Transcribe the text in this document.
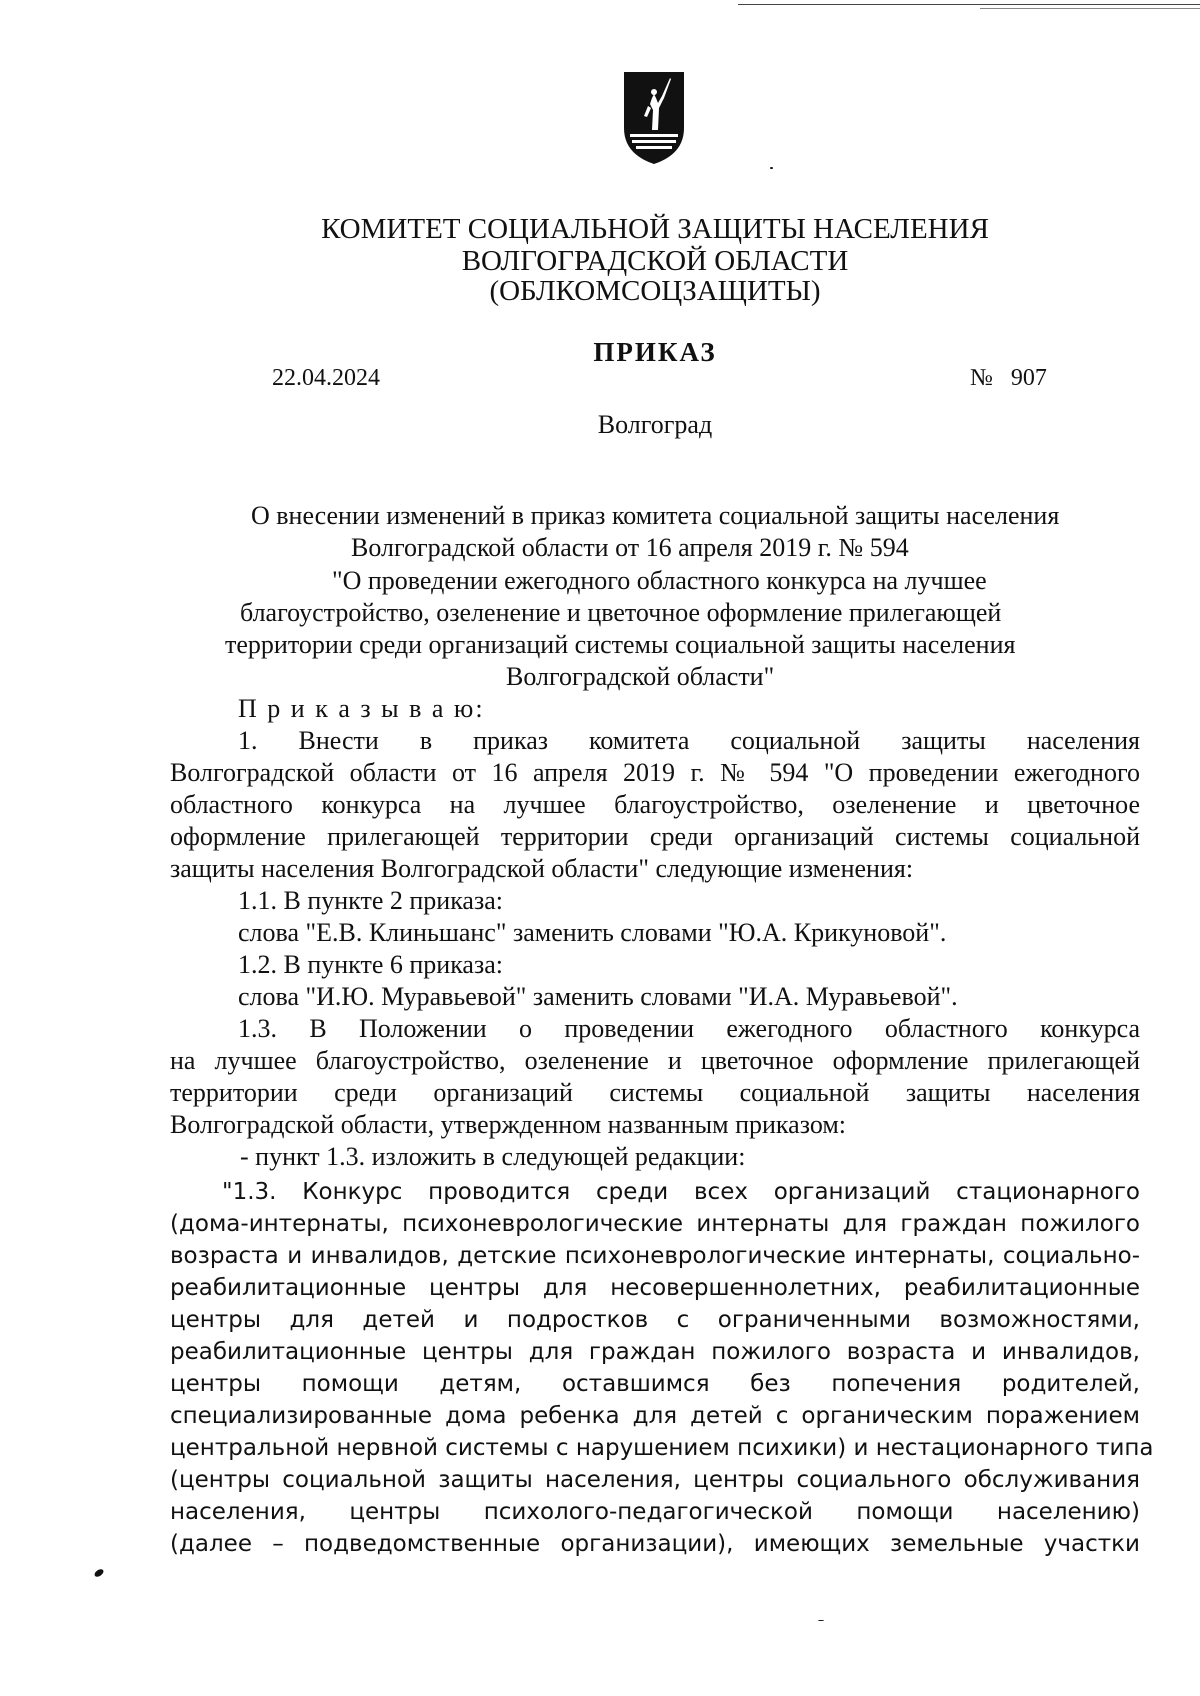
КОМИТЕТ СОЦИАЛЬНОЙ ЗАЩИТЫ НАСЕЛЕНИЯ
ВОЛГОГРАДСКОЙ ОБЛАСТИ
(ОБЛКОМСОЦЗАЩИТЫ)
ПРИКАЗ
22.04.2024	№   907
Волгоград
О внесении изменений в приказ комитета социальной защиты населения
Волгоградской области от 16 апреля 2019 г. № 594
"О проведении ежегодного областного конкурса на лучшее
благоустройство, озеленение и цветочное оформление прилегающей
территории среди организаций системы социальной защиты населения
Волгоградской области"
П р и к а з ы в а ю:
1. Внести в приказ комитета социальной защиты населения
Волгоградской области от 16 апреля 2019 г. № 594 "О проведении ежегодного
областного конкурса на лучшее благоустройство, озеленение и цветочное
оформление прилегающей территории среди организаций системы социальной
защиты населения Волгоградской области" следующие изменения:
1.1. В пункте 2 приказа:
слова "Е.В. Клиньшанс" заменить словами "Ю.А. Крикуновой".
1.2. В пункте 6 приказа:
слова "И.Ю. Муравьевой" заменить словами "И.А. Муравьевой".
1.3. В Положении о проведении ежегодного областного конкурса
на лучшее благоустройство, озеленение и цветочное оформление прилегающей
территории среди организаций системы социальной защиты населения
Волгоградской области, утвержденном названным приказом:
- пункт 1.3. изложить в следующей редакции:
"1.3. Конкурс проводится среди всех организаций стационарного
(дома-интернаты, психоневрологические интернаты для граждан пожилого
возраста и инвалидов, детские психоневрологические интернаты, социально-
реабилитационные центры для несовершеннолетних, реабилитационные
центры для детей и подростков с ограниченными возможностями,
реабилитационные центры для граждан пожилого возраста и инвалидов,
центры помощи детям, оставшимся без попечения родителей,
специализированные дома ребенка для детей с органическим поражением
центральной нервной системы с нарушением психики) и нестационарного типа
(центры социальной защиты населения, центры социального обслуживания
населения, центры психолого-педагогической помощи населению)
(далее – подведомственные организации), имеющих земельные участки
